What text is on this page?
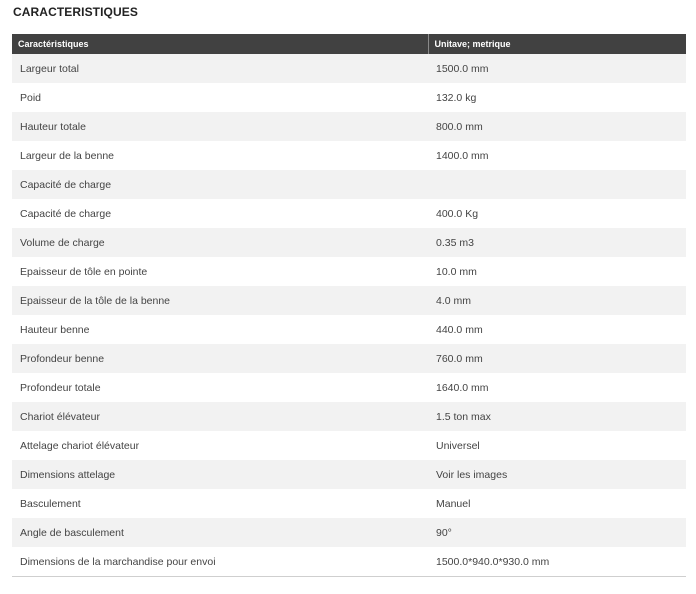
CARACTERISTIQUES
Caractéristiques	Unitave; metrique
Largeur total	1500.0 mm
Poid	132.0 kg
Hauteur totale	800.0 mm
Largeur de la benne	1400.0 mm
Capacité de charge	
Capacité de charge	400.0 Kg
Volume de charge	0.35 m3
Epaisseur de tôle en pointe	10.0 mm
Epaisseur de la tôle de la benne	4.0 mm
Hauteur benne	440.0 mm
Profondeur benne	760.0 mm
Profondeur totale	1640.0 mm
Chariot élévateur	1.5 ton max
Attelage chariot élévateur	Universel
Dimensions attelage	Voir les images
Basculement	Manuel
Angle de basculement	90°
Dimensions de la marchandise pour envoi	1500.0*940.0*930.0 mm
